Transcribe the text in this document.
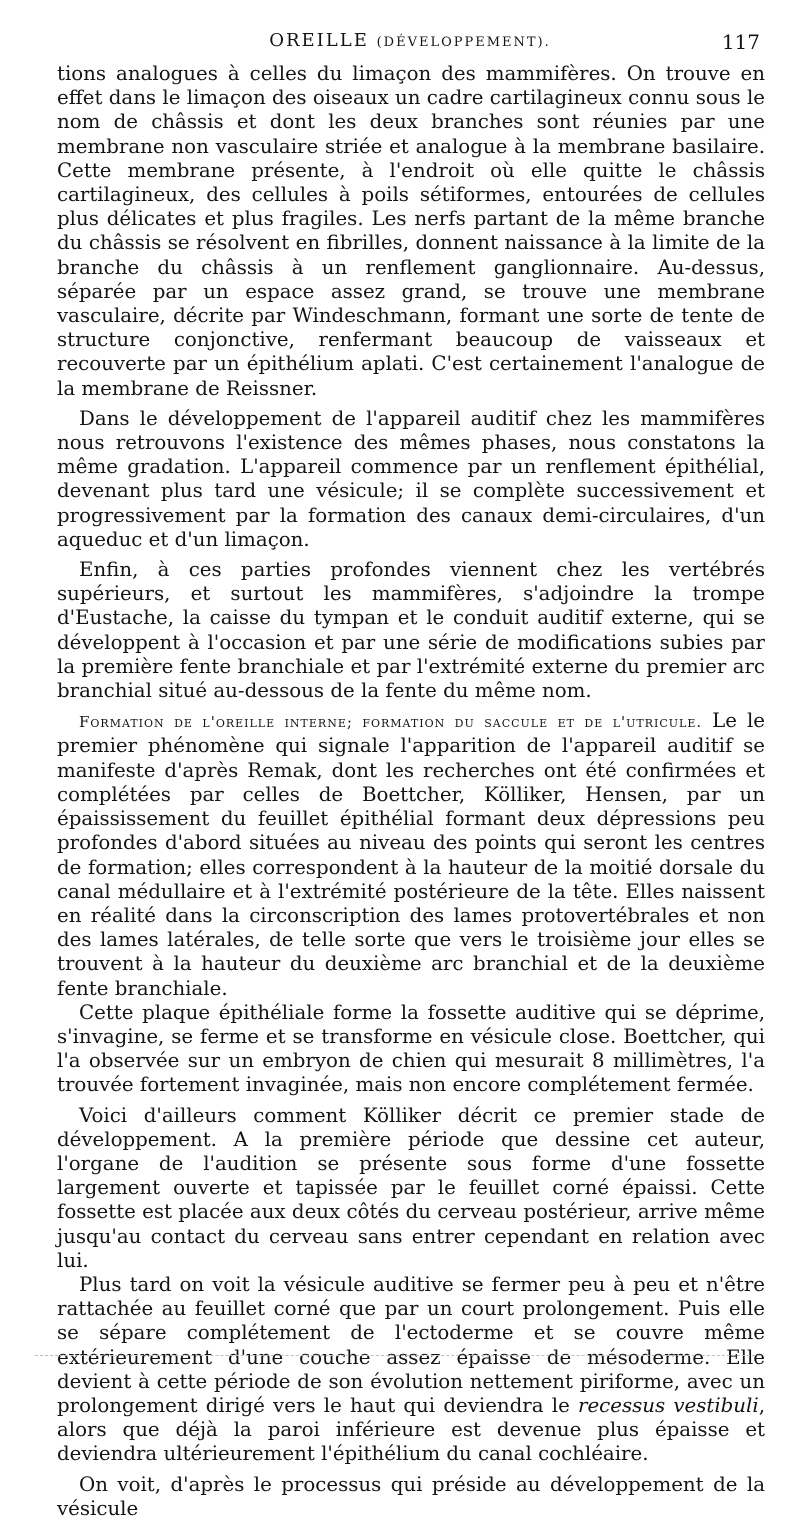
OREILLE (DÉVELOPPEMENT).	117

tions analogues à celles du limaçon des mammifères. On trouve en effet dans le limaçon des oiseaux un cadre cartilagineux connu sous le nom de châssis et dont les deux branches sont réunies par une membrane non vasculaire striée et analogue à la membrane basilaire. Cette membrane présente, à l'endroit où elle quitte le châssis cartilagineux, des cellules à poils sétiformes, entourées de cellules plus délicates et plus fragiles. Les nerfs partant de la même branche du châssis se résolvent en fibrilles, donnent naissance à la limite de la branche du châssis à un renflement ganglionnaire. Au-dessus, séparée par un espace assez grand, se trouve une membrane vasculaire, décrite par Windeschmann, formant une sorte de tente de structure conjonctive, renfermant beaucoup de vaisseaux et recouverte par un épithélium aplati. C'est certainement l'analogue de la membrane de Reissner.

Dans le développement de l'appareil auditif chez les mammifères nous retrouvons l'existence des mêmes phases, nous constatons la même gradation. L'appareil commence par un renflement épithélial, devenant plus tard une vésicule; il se complète successivement et progressivement par la formation des canaux demi-circulaires, d'un aqueduc et d'un limaçon.

Enfin, à ces parties profondes viennent chez les vertébrés supérieurs, et surtout les mammifères, s'adjoindre la trompe d'Eustache, la caisse du tympan et le conduit auditif externe, qui se développent à l'occasion et par une série de modifications subies par la première fente branchiale et par l'extrémité externe du premier arc branchial situé au-dessous de la fente du même nom.

Formation de l'oreille interne; formation du saccule et de l'utricule. Le le premier phénomène qui signale l'apparition de l'appareil auditif se manifeste d'après Remak, dont les recherches ont été confirmées et complétées par celles de Boettcher, Kölliker, Hensen, par un épaississement du feuillet épithélial formant deux dépressions peu profondes d'abord situées au niveau des points qui seront les centres de formation; elles correspondent à la hauteur de la moitié dorsale du canal médullaire et à l'extrémité postérieure de la tête. Elles naissent en réalité dans la circonscription des lames protovertébrales et non des lames latérales, de telle sorte que vers le troisième jour elles se trouvent à la hauteur du deuxième arc branchial et de la deuxième fente branchiale.

Cette plaque épithéliale forme la fossette auditive qui se déprime, s'invagine, se ferme et se transforme en vésicule close. Boettcher, qui l'a observée sur un embryon de chien qui mesurait 8 millimètres, l'a trouvée fortement invaginée, mais non encore complétement fermée.

Voici d'ailleurs comment Kölliker décrit ce premier stade de développement. A la première période que dessine cet auteur, l'organe de l'audition se présente sous forme d'une fossette largement ouverte et tapissée par le feuillet corné épaissi. Cette fossette est placée aux deux côtés du cerveau postérieur, arrive même jusqu'au contact du cerveau sans entrer cependant en relation avec lui.

Plus tard on voit la vésicule auditive se fermer peu à peu et n'être rattachée au feuillet corné que par un court prolongement. Puis elle se sépare complétement de l'ectoderme et se couvre même extérieurement d'une couche assez épaisse de mésoderme. Elle devient à cette période de son évolution nettement piriforme, avec un prolongement dirigé vers le haut qui deviendra le recessus vestibuli, alors que déjà la paroi inférieure est devenue plus épaisse et deviendra ultérieurement l'épithélium du canal cochléaire.

On voit, d'après le processus qui préside au développement de la vésicule
